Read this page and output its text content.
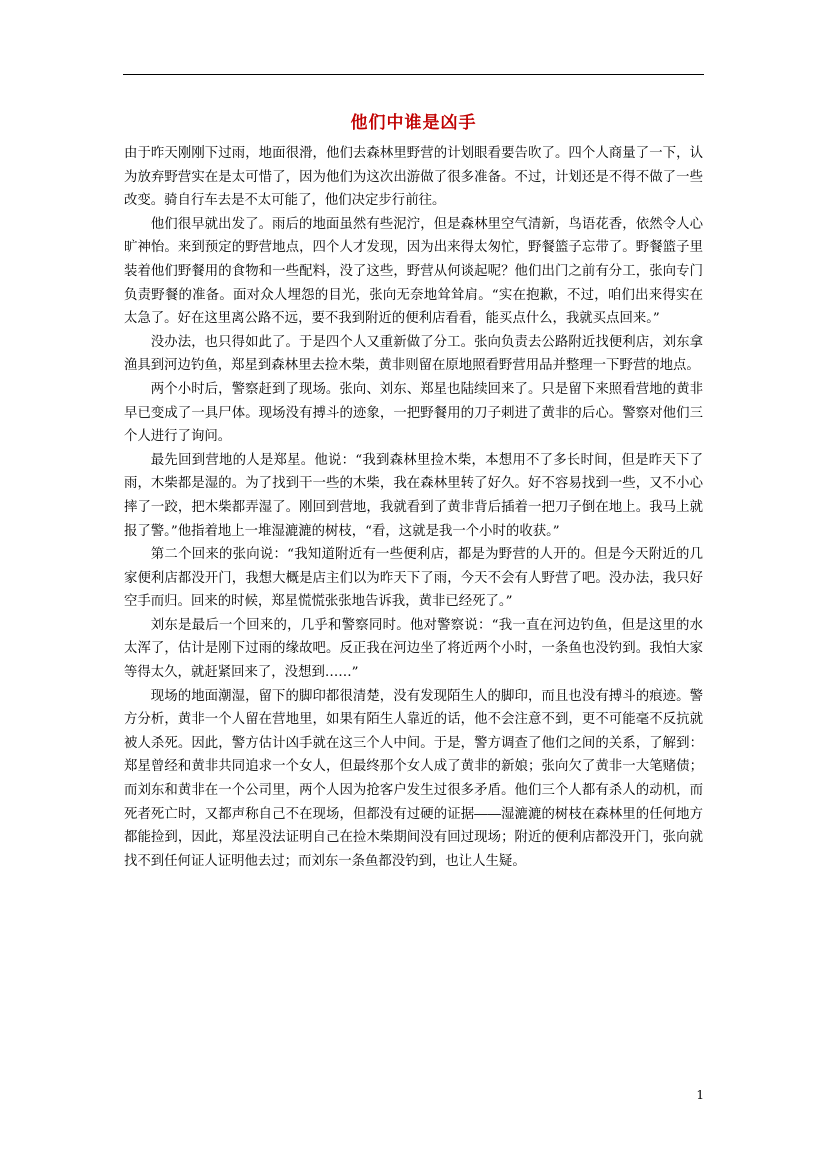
他们中谁是凶手

由于昨天刚刚下过雨，地面很滑，他们去森林里野营的计划眼看要告吹了。四个人商量了一下，认为放弃野营实在是太可惜了，因为他们为这次出游做了很多准备。不过，计划还是不得不做了一些改变。骑自行车去是不太可能了，他们决定步行前往。

他们很早就出发了。雨后的地面虽然有些泥泞，但是森林里空气清新，鸟语花香，依然令人心旷神怡。来到预定的野营地点，四个人才发现，因为出来得太匆忙，野餐篮子忘带了。野餐篮子里装着他们野餐用的食物和一些配料，没了这些，野营从何谈起呢？他们出门之前有分工，张向专门负责野餐的准备。面对众人埋怨的目光，张向无奈地耸耸肩。“实在抱歉，不过，咱们出来得实在太急了。好在这里离公路不远，要不我到附近的便利店看看，能买点什么，我就买点回来。”

没办法，也只得如此了。于是四个人又重新做了分工。张向负责去公路附近找便利店，刘东拿渔具到河边钓鱼，郑星到森林里去捡木柴，黄非则留在原地照看野营用品并整理一下野营的地点。

两个小时后，警察赶到了现场。张向、刘东、郑星也陆续回来了。只是留下来照看营地的黄非早已变成了一具尸体。现场没有搏斗的迹象，一把野餐用的刀子刺进了黄非的后心。警察对他们三个人进行了询问。

最先回到营地的人是郑星。他说：“我到森林里捡木柴，本想用不了多长时间，但是昨天下了雨，木柴都是湿的。为了找到干一些的木柴，我在森林里转了好久。好不容易找到一些，又不小心摔了一跤，把木柴都弄湿了。刚回到营地，我就看到了黄非背后插着一把刀子倒在地上。我马上就报了警。”他指着地上一堆湿漉漉的树枝，“看，这就是我一个小时的收获。”

第二个回来的张向说：“我知道附近有一些便利店，都是为野营的人开的。但是今天附近的几家便利店都没开门，我想大概是店主们以为昨天下了雨，今天不会有人野营了吧。没办法，我只好空手而归。回来的时候，郑星慌慌张张地告诉我，黄非已经死了。”

刘东是最后一个回来的，几乎和警察同时。他对警察说：“我一直在河边钓鱼，但是这里的水太浑了，估计是刚下过雨的缘故吧。反正我在河边坐了将近两个小时，一条鱼也没钓到。我怕大家等得太久，就赶紧回来了，没想到……”

现场的地面潮湿，留下的脚印都很清楚，没有发现陌生人的脚印，而且也没有搏斗的痕迹。警方分析，黄非一个人留在营地里，如果有陌生人靠近的话，他不会注意不到，更不可能毫不反抗就被人杀死。因此，警方估计凶手就在这三个人中间。于是，警方调查了他们之间的关系，了解到：郑星曾经和黄非共同追求一个女人，但最终那个女人成了黄非的新娘；张向欠了黄非一大笔赌债；而刘东和黄非在一个公司里，两个人因为抢客户发生过很多矛盾。他们三个人都有杀人的动机，而死者死亡时，又都声称自己不在现场，但都没有过硬的证据――湿漉漉的树枝在森林里的任何地方都能捡到，因此，郑星没法证明自己在捡木柴期间没有回过现场；附近的便利店都没开门，张向就找不到任何证人证明他去过；而刘东一条鱼都没钓到，也让人生疑。

1
